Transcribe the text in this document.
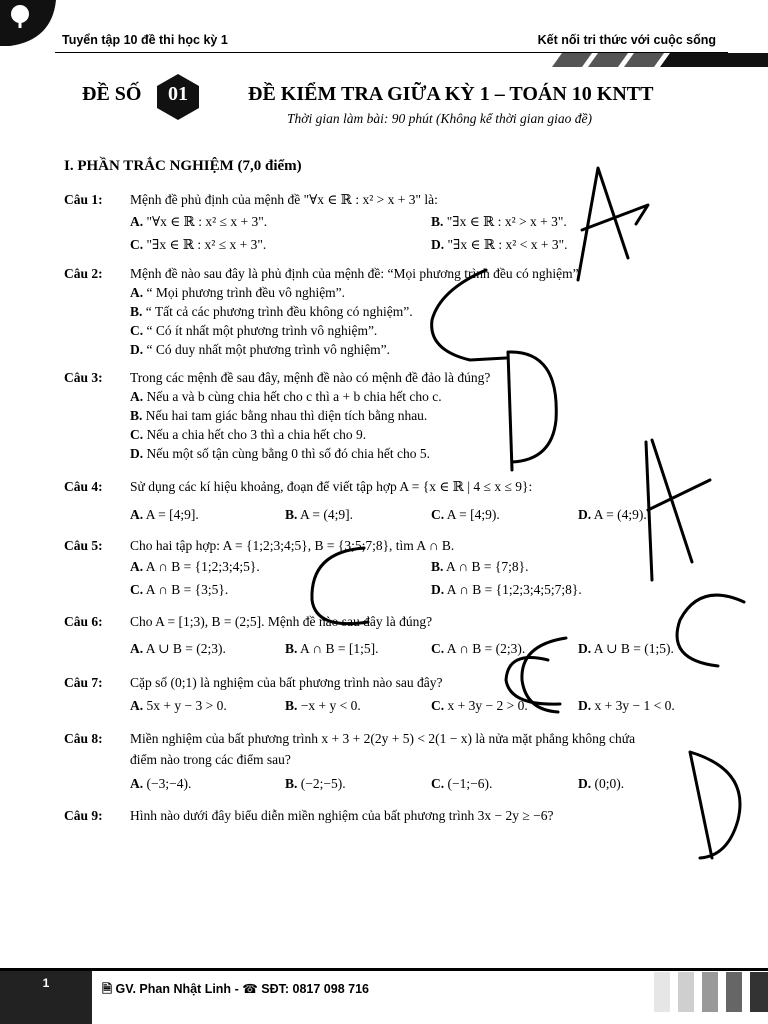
Tuyển tập 10 đề thi học kỳ 1	Kết nối tri thức với cuộc sống
ĐỀ SỐ	01	ĐỀ KIỂM TRA GIỮA KỲ 1 – TOÁN 10 KNTT
Thời gian làm bài: 90 phút (Không kể thời gian giao đề)
I. PHẦN TRẮC NGHIỆM (7,0 điểm)
Câu 1: Mệnh đề phủ định của mệnh đề "∀x ∈ ℝ : x² > x + 3" là:
A. "∀x ∈ ℝ : x² ≤ x + 3".	B. "∃x ∈ ℝ : x² > x + 3".
C. "∃x ∈ ℝ : x² ≤ x + 3".	D. "∃x ∈ ℝ : x² < x + 3".
Câu 2: Mệnh đề nào sau đây là phủ định của mệnh đề: “Mọi phương trình đều có nghiệm”
A. “ Mọi phương trình đều vô nghiệm”.
B. “ Tất cả các phương trình đều không có nghiệm”.
C. “ Có ít nhất một phương trình vô nghiệm”.
D. “ Có duy nhất một phương trình vô nghiệm”.
Câu 3: Trong các mệnh đề sau đây, mệnh đề nào có mệnh đề đảo là đúng?
A. Nếu a và b cùng chia hết cho c thì a + b chia hết cho c.
B. Nếu hai tam giác bằng nhau thì diện tích bằng nhau.
C. Nếu a chia hết cho 3 thì a chia hết cho 9.
D. Nếu một số tận cùng bằng 0 thì số đó chia hết cho 5.
Câu 4: Sử dụng các kí hiệu khoảng, đoạn để viết tập hợp A = {x ∈ ℝ | 4 ≤ x ≤ 9}:
A. A = [4;9].	B. A = (4;9].	C. A = [4;9).	D. A = (4;9).
Câu 5: Cho hai tập hợp: A = {1;2;3;4;5}, B = {3;5;7;8}, tìm A ∩ B.
A. A ∩ B = {1;2;3;4;5}.	B. A ∩ B = {7;8}.
C. A ∩ B = {3;5}.	D. A ∩ B = {1;2;3;4;5;7;8}.
Câu 6: Cho A = [1;3), B = (2;5]. Mệnh đề nào sau đây là đúng?
A. A ∪ B = (2;3).	B. A ∩ B = [1;5].	C. A ∩ B = (2;3).	D. A ∪ B = (1;5).
Câu 7: Cặp số (0;1) là nghiệm của bất phương trình nào sau đây?
A. 5x + y − 3 > 0.	B. −x + y < 0.	C. x + 3y − 2 > 0.	D. x + 3y − 1 < 0.
Câu 8: Miền nghiệm của bất phương trình x + 3 + 2(2y + 5) < 2(1 − x) là nửa mặt phẳng không chứa
điểm nào trong các điểm sau?
A. (−3;−4).	B. (−2;−5).	C. (−1;−6).	D. (0;0).
Câu 9: Hình nào dưới đây biểu diễn miền nghiệm của bất phương trình 3x − 2y ≥ −6?
1	🗎 GV. Phan Nhật Linh - ☎ SĐT: 0817 098 716
